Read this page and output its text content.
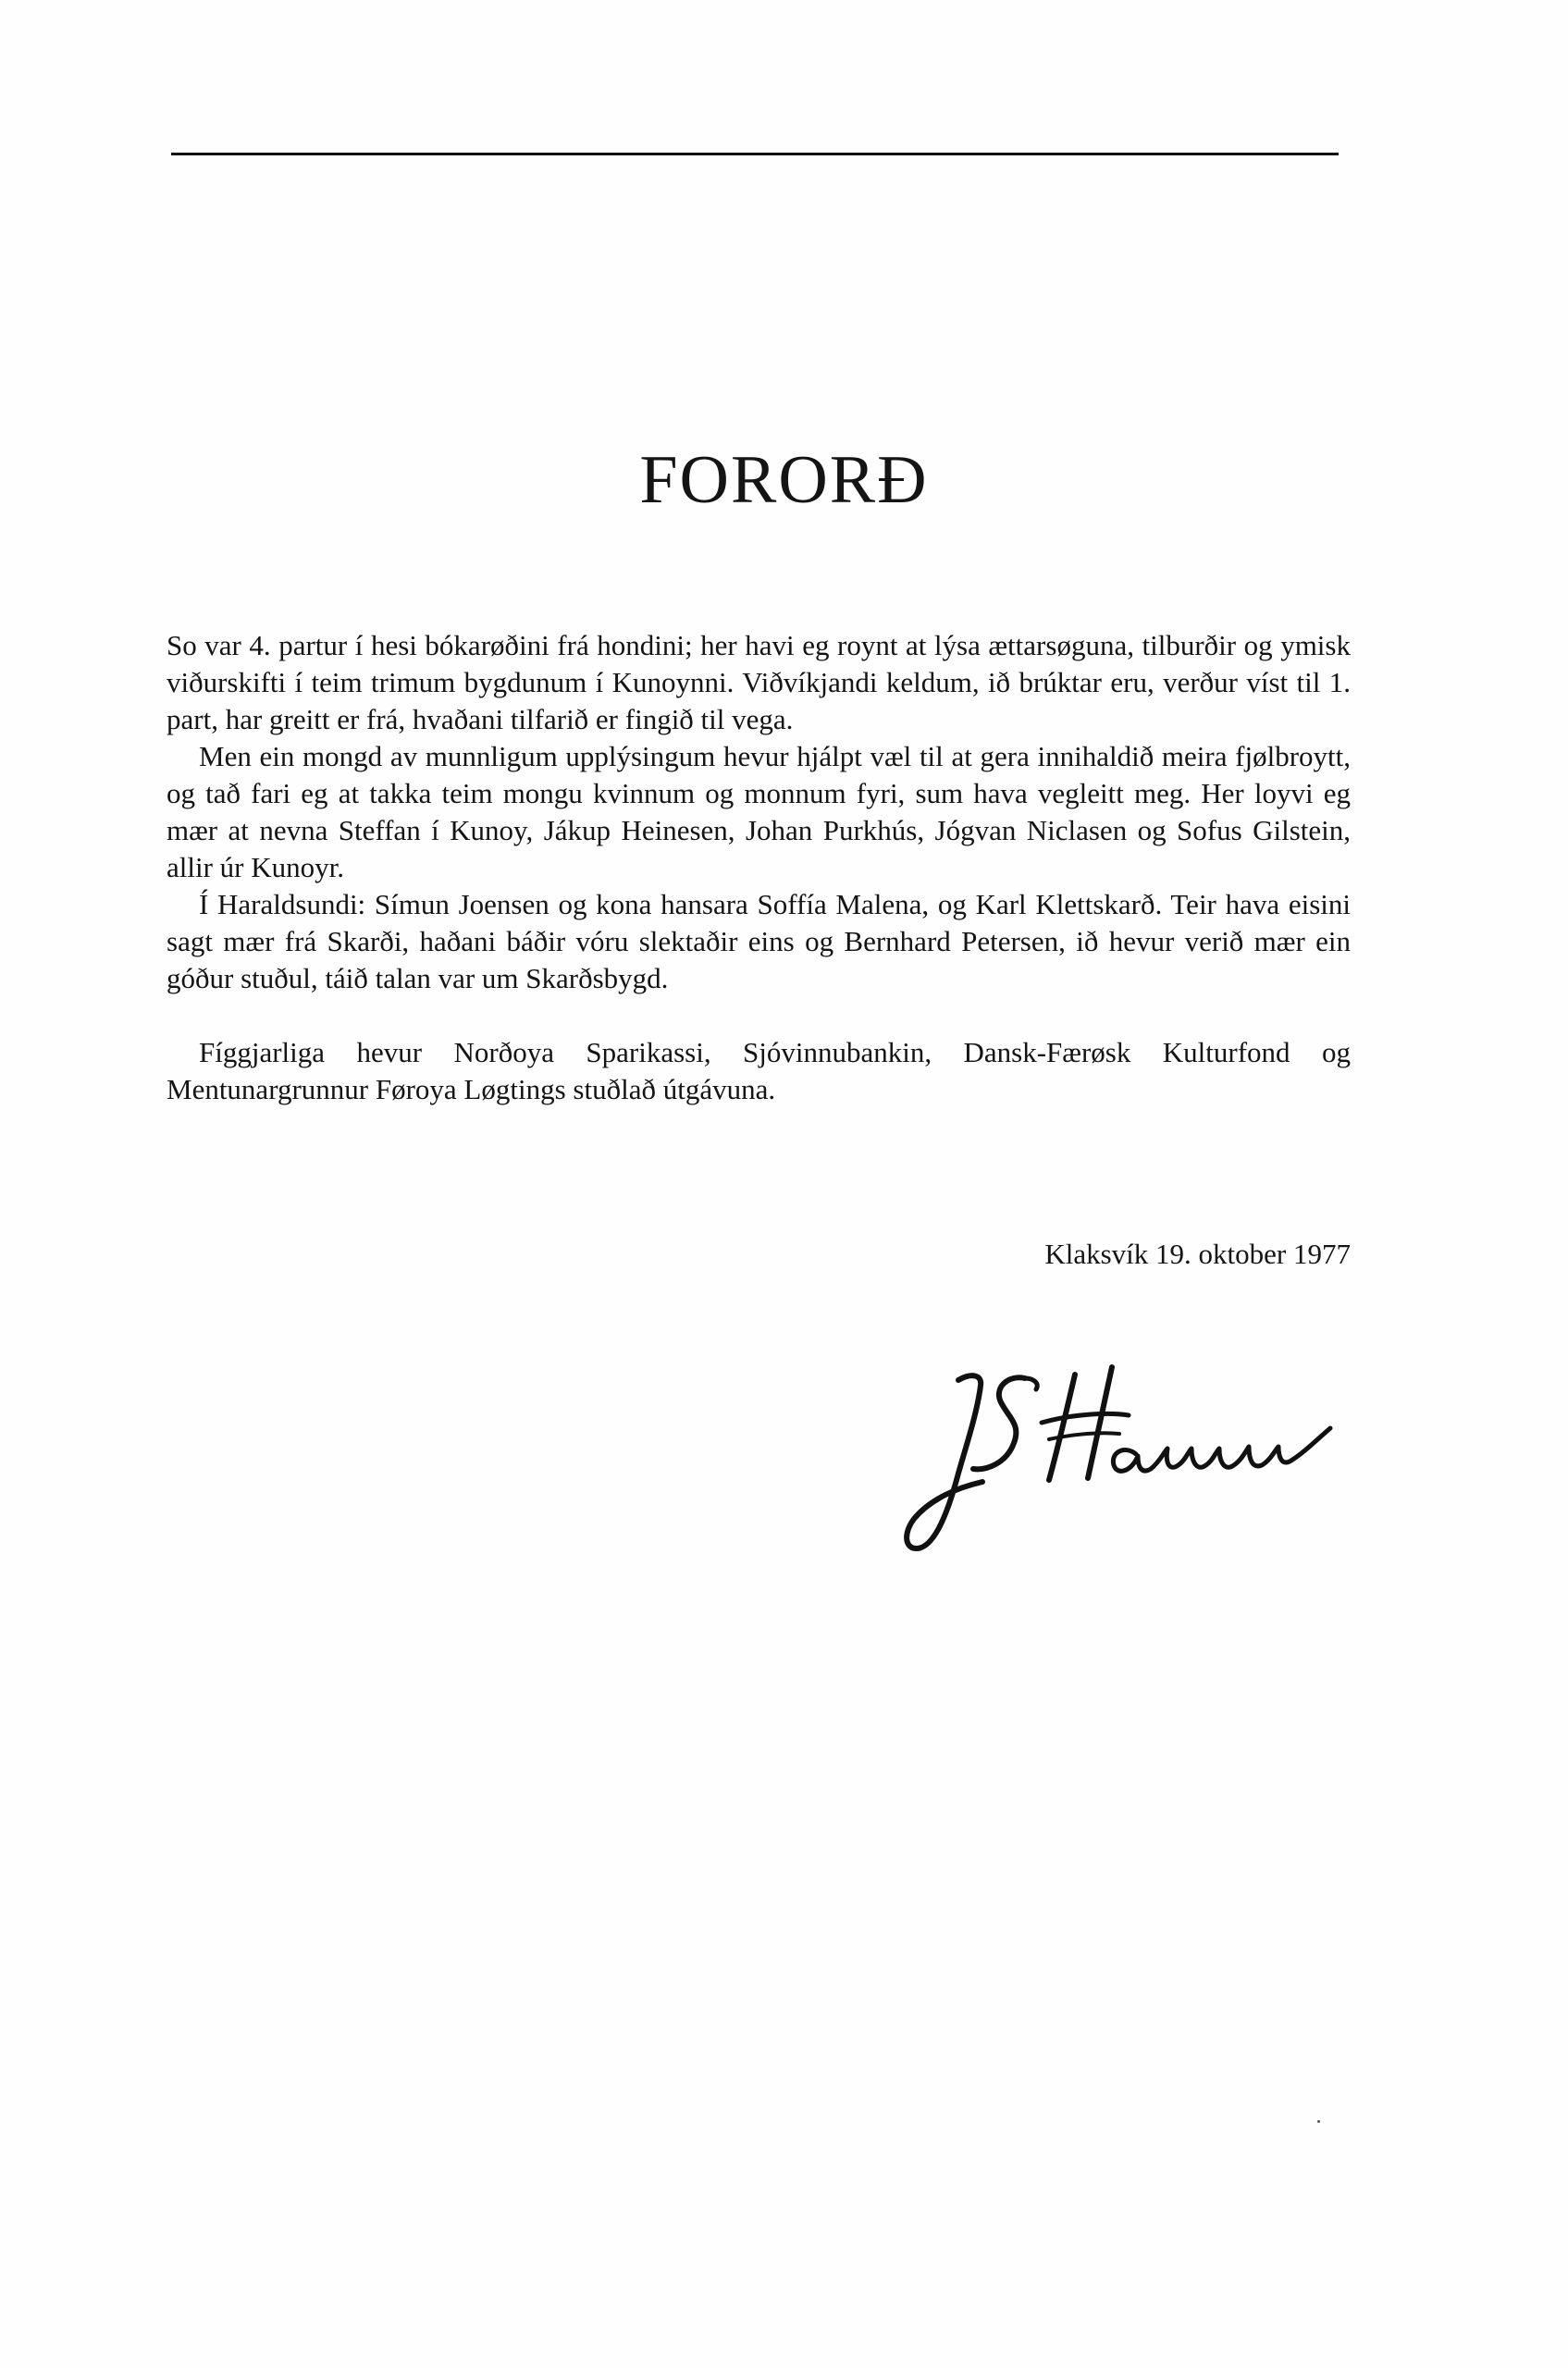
FORORÐ

So var 4. partur í hesi bókarøðini frá hondini; her havi eg roynt at lýsa ættarsøguna, tilburðir og ymisk viðurskifti í teim trimum bygdunum í Kunoynni. Viðvíkjandi keldum, ið brúktar eru, verður víst til 1. part, har greitt er frá, hvaðani tilfarið er fingið til vega.

Men ein mongd av munnligum upplýsingum hevur hjálpt væl til at gera innihaldið meira fjølbroytt, og tað fari eg at takka teim mongu kvinnum og monnum fyri, sum hava vegleitt meg. Her loyvi eg mær at nevna Steffan í Kunoy, Jákup Heinesen, Johan Purkhús, Jógvan Niclasen og Sofus Gilstein, allir úr Kunoyr.

Í Haraldsundi: Símun Joensen og kona hansara Soffía Malena, og Karl Klettskarð. Teir hava eisini sagt mær frá Skarði, haðani báðir vóru slektaðir eins og Bernhard Petersen, ið hevur verið mær ein góður stuðul, táið talan var um Skarðsbygd.

Fíggjarliga hevur Norðoya Sparikassi, Sjóvinnubankin, Dansk-Færøsk Kulturfond og Mentunargrunnur Føroya Løgtings stuðlað útgávuna.

Klaksvík 19. oktober 1977
